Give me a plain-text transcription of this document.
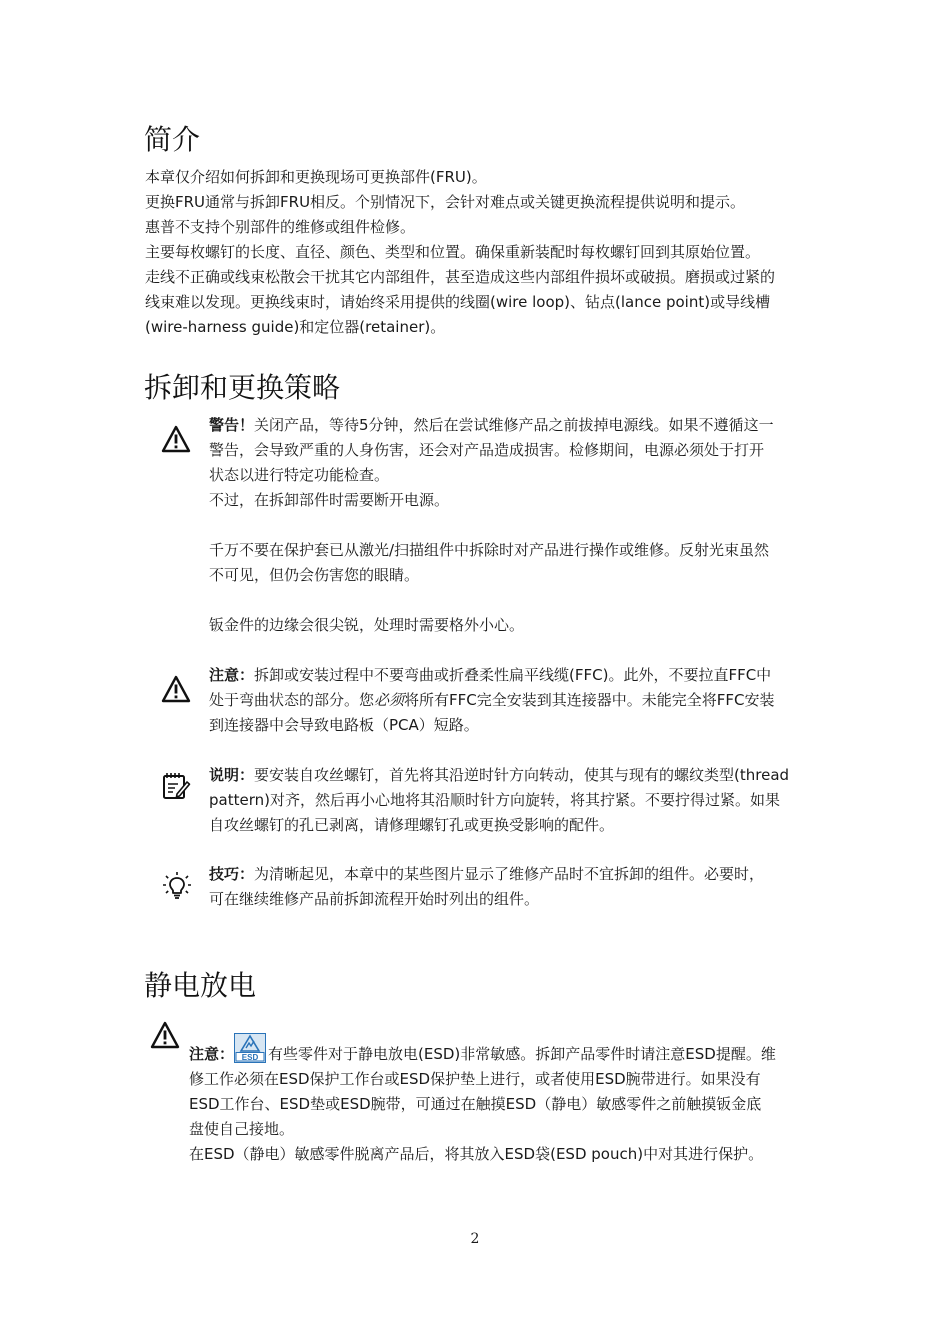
简介

本章仅介绍如何拆卸和更换现场可更换部件(FRU)。

更换FRU通常与拆卸FRU相反。个别情况下，会针对难点或关键更换流程提供说明和提示。

惠普不支持个别部件的维修或组件检修。

主要每枚螺钉的长度、直径、颜色、类型和位置。确保重新装配时每枚螺钉回到其原始位置。

走线不正确或线束松散会干扰其它内部组件，甚至造成这些内部组件损坏或破损。磨损或过紧的

线束难以发现。更换线束时，请始终采用提供的线圈(wire loop)、钻点(lance point)或导线槽

(wire-harness guide)和定位器(retainer)。

拆卸和更换策略

警告！关闭产品，等待5分钟，然后在尝试维修产品之前拔掉电源线。如果不遵循这一

警告，会导致严重的人身伤害，还会对产品造成损害。检修期间，电源必须处于打开

状态以进行特定功能检查。

不过，在拆卸部件时需要断开电源。

千万不要在保护套已从激光/扫描组件中拆除时对产品进行操作或维修。反射光束虽然

不可见，但仍会伤害您的眼睛。

钣金件的边缘会很尖锐，处理时需要格外小心。

注意：拆卸或安装过程中不要弯曲或折叠柔性扁平线缆(FFC)。此外，不要拉直FFC中

处于弯曲状态的部分。您必须将所有FFC完全安装到其连接器中。未能完全将FFC安装

到连接器中会导致电路板（PCA）短路。

说明：要安装自攻丝螺钉，首先将其沿逆时针方向转动，使其与现有的螺纹类型(thread

pattern)对齐，然后再小心地将其沿顺时针方向旋转，将其拧紧。不要拧得过紧。如果

自攻丝螺钉的孔已剥离，请修理螺钉孔或更换受影响的配件。

技巧：为清晰起见，本章中的某些图片显示了维修产品时不宜拆卸的组件。必要时，

可在继续维修产品前拆卸流程开始时列出的组件。

静电放电

注意： ESD 有些零件对于静电放电(ESD)非常敏感。拆卸产品零件时请注意ESD提醒。维

修工作必须在ESD保护工作台或ESD保护垫上进行，或者使用ESD腕带进行。如果没有

ESD工作台、ESD垫或ESD腕带，可通过在触摸ESD（静电）敏感零件之前触摸钣金底

盘使自己接地。

在ESD（静电）敏感零件脱离产品后，将其放入ESD袋(ESD pouch)中对其进行保护。

2
